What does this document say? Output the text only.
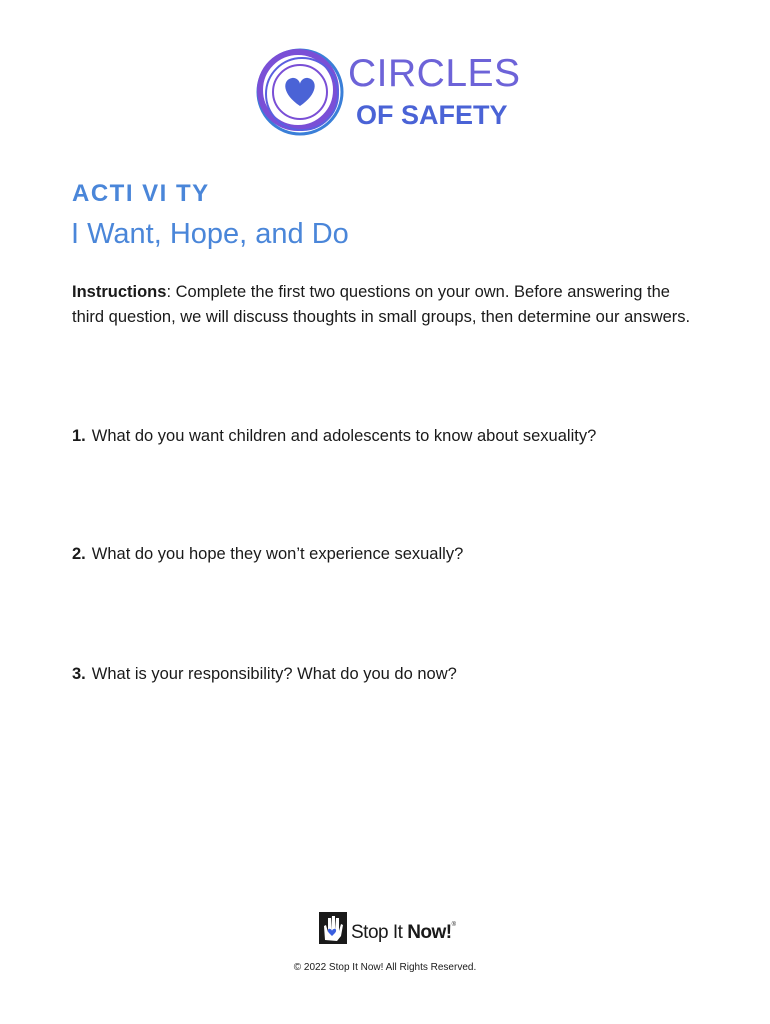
CIRCLES
OF SAFETY
ACTI VI TY
I Want, Hope, and Do
Instructions: Complete the first two questions on your own. Before answering the third question, we will discuss thoughts in small groups, then determine our answers.
1. What do you want children and adolescents to know about sexuality?
2. What do you hope they won’t experience sexually?
3. What is your responsibility? What do you do now?
Stop It Now!®
© 2022 Stop It Now! All Rights Reserved.
